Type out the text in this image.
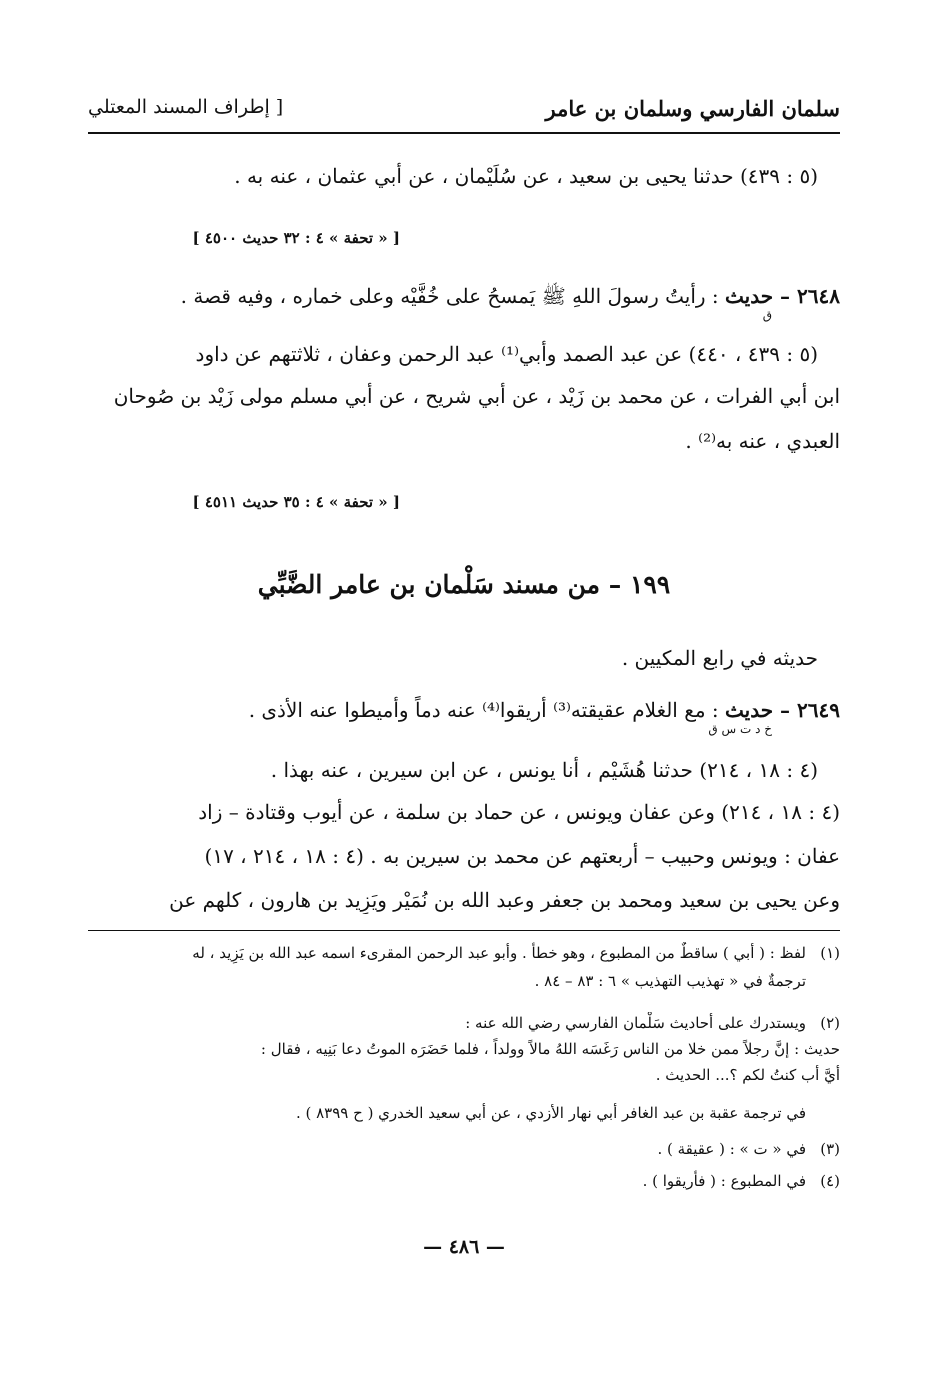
سلمان الفارسي وسلمان بن عامر
[ إطراف المسند المعتلي
(٥ : ٤٣٩) حدثنا يحيى بن سعيد ، عن سُلَيْمان ، عن أبي عثمان ، عنه به .
[ « تحفة » ٤ : ٣٢ حديث ٤٥٠٠ ]
٢٦٤٨ – حديث : رأيتُ رسولَ اللهِ ﷺ يَمسحُ على خُفَّيْه وعلى خماره ، وفيه قصة .
ق
(٥ : ٤٣٩ ، ٤٤٠) عن عبد الصمد وأبي⁽¹⁾ عبد الرحمن وعفان ، ثلاثتهم عن داود
ابن أبي الفرات ، عن محمد بن زَيْد ، عن أبي شريح ، عن أبي مسلم مولى زَيْد بن صُوحان
العبدي ، عنه به⁽²⁾ .
[ « تحفة » ٤ : ٣٥ حديث ٤٥١١ ]
١٩٩ – من مسند سَلْمان بن عامر الضَّبِّي
حديثه في رابع المكيين .
٢٦٤٩ – حديث : مع الغلام عقيقته⁽³⁾ أريقوا⁽⁴⁾ عنه دماً وأميطوا عنه الأذى .
خ د ت س ق
(٤ : ١٨ ، ٢١٤) حدثنا هُشَيْم ، أنا يونس ، عن ابن سيرين ، عنه بهذا .
(٤ : ١٨ ، ٢١٤) وعن عفان ويونس ، عن حماد بن سلمة ، عن أيوب وقتادة – زاد
عفان : ويونس وحبيب – أربعتهم عن محمد بن سيرين به . (٤ : ١٨ ، ٢١٤ ، ١٧)
وعن يحيى بن سعيد ومحمد بن جعفر وعبد الله بن نُمَيْر ويَزِيد بن هارون ، كلهم عن
(١)لفظ : ( أبي ) ساقطٌ من المطبوع ، وهو خطأ . وأبو عبد الرحمن المقرىء اسمه عبد الله بن يَزِيد ، له
ترجمةٌ في « تهذيب التهذيب » ٦ : ٨٣ – ٨٤ .
(٢)ويستدرك على أحاديث سَلْمان الفارسي رضي الله عنه :
حديث : إنَّ رجلاً ممن خلا من الناس رَغَسَه اللهُ مالاً وولداً ، فلما حَضَرَه الموتُ دعا بَنِيه ، فقال :
أيَّ أب كنتُ لكم ؟... الحديث .
في ترجمة عقبة بن عبد الغافر أبي نهار الأزدي ، عن أبي سعيد الخدري ( ح ٨٣٩٩ ) .
(٣)في « ت » : ( عقيقة ) .
(٤)في المطبوع : ( فأريقوا ) .
— ٤٨٦ —
